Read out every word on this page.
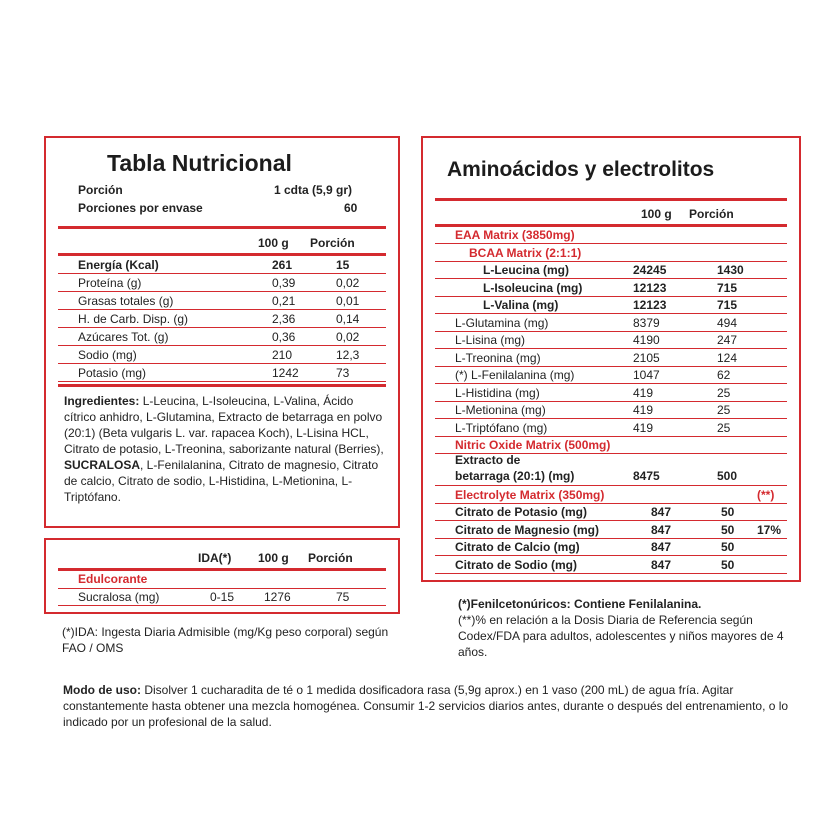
Tabla Nutricional
Porción	1 cdta (5,9 gr)
Porciones por envase	60
100 g Porción
Energía (Kcal)	261	15
Proteína (g)	0,39	0,02
Grasas totales (g)	0,21	0,01
H. de Carb. Disp. (g)	2,36	0,14
Azúcares Tot. (g)	0,36	0,02
Sodio (mg)	210	12,3
Potasio (mg)	1242	73
Ingredientes: L-Leucina, L-Isoleucina, L-Valina, Ácido cítrico anhidro, L-Glutamina, Extracto de betarraga en polvo (20:1) (Beta vulgaris L. var. rapacea Koch), L-Lisina HCL, Citrato de potasio, L-Treonina, saborizante natural (Berries), SUCRALOSA, L-Fenilalanina, Citrato de magnesio, Citrato de calcio, Citrato de sodio, L-Histidina, L-Metionina, L-Triptófano.
IDA(*) 100 g Porción
Edulcorante
Sucralosa (mg)	0-15 1276	75
(*)IDA: Ingesta Diaria Admisible (mg/Kg peso corporal) según FAO / OMS
Aminoácidos y electrolitos
100 g Porción
EAA Matrix (3850mg)
BCAA Matrix (2:1:1)
L-Leucina (mg)	24245	1430
L-Isoleucina (mg)	12123	715
L-Valina (mg)	12123	715
L-Glutamina (mg)	8379	494
L-Lisina (mg)	4190	247
L-Treonina (mg)	2105	124
(*) L-Fenilalanina (mg)	1047	62
L-Histidina (mg)	419	25
L-Metionina (mg)	419	25
L-Triptófano (mg)	419	25
Nitric Oxide Matrix (500mg)
Extracto de
betarraga (20:1) (mg)	8475	500
Electrolyte Matrix (350mg)	(**)
Citrato de Potasio (mg)	847	50
Citrato de Magnesio (mg)	847	50 17%
Citrato de Calcio (mg)	847	50
Citrato de Sodio (mg)	847	50
(*)Fenilcetonúricos: Contiene Fenilalanina.
(**)% en relación a la Dosis Diaria de Referencia según Codex/FDA para adultos, adolescentes y niños mayores de 4 años.
Modo de uso: Disolver 1 cucharadita de té o 1 medida dosificadora rasa (5,9g aprox.) en 1 vaso (200 mL) de agua fría. Agitar constantemente hasta obtener una mezcla homogénea. Consumir 1-2 servicios diarios antes, durante o después del entrenamiento, o lo indicado por un profesional de la salud.
